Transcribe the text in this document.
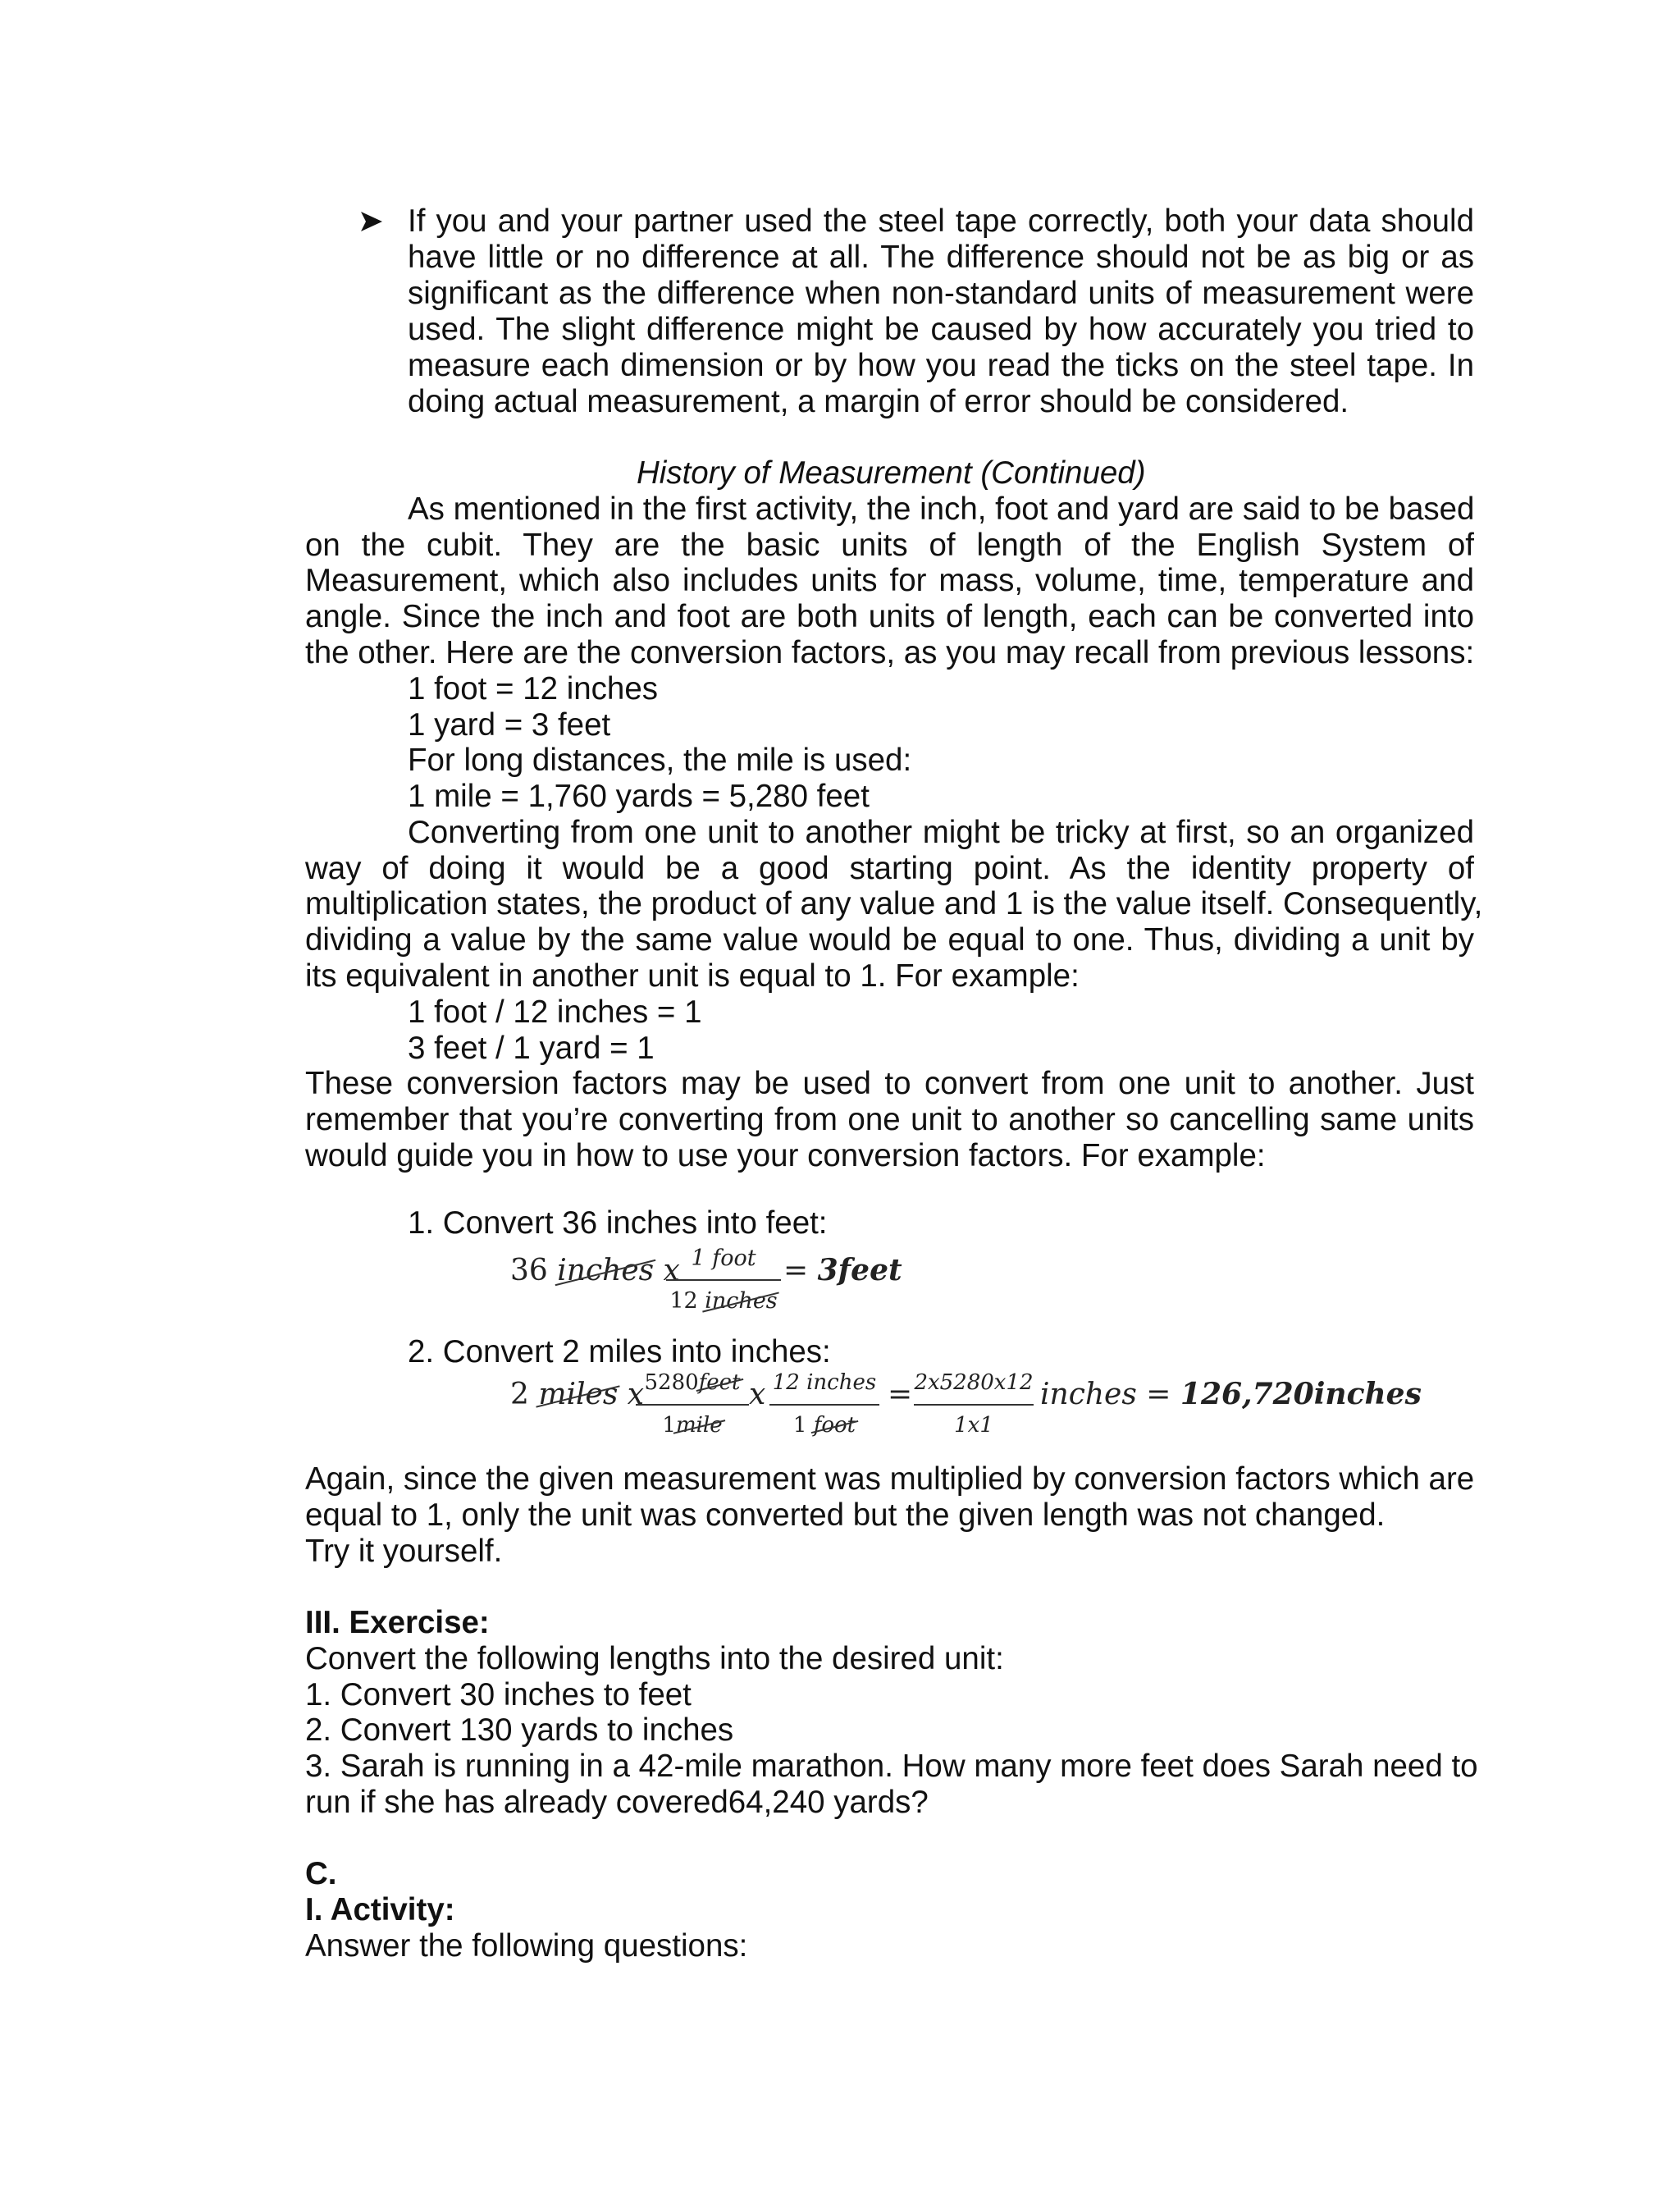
If you and your partner used the steel tape correctly, both your data should
have little or no difference at all. The difference should not be as big or as
significant as the difference when non-standard units of measurement were
used. The slight difference might be caused by how accurately you tried to
measure each dimension or by how you read the ticks on the steel tape. In
doing actual measurement, a margin of error should be considered.
History of Measurement (Continued)
As mentioned in the first activity, the inch, foot and yard are said to be based
on the cubit. They are the basic units of length of the English System of
Measurement, which also includes units for mass, volume, time, temperature and
angle. Since the inch and foot are both units of length, each can be converted into
the other. Here are the conversion factors, as you may recall from previous lessons:
1 foot = 12 inches
1 yard = 3 feet
For long distances, the mile is used:
1 mile = 1,760 yards = 5,280 feet
Converting from one unit to another might be tricky at first, so an organized
way of doing it would be a good starting point. As the identity property of
multiplication states, the product of any value and 1 is the value itself. Consequently,
dividing a value by the same value would be equal to one. Thus, dividing a unit by
its equivalent in another unit is equal to 1. For example:
1 foot / 12 inches = 1
3 feet / 1 yard = 1
These conversion factors may be used to convert from one unit to another. Just
remember that you’re converting from one unit to another so cancelling same units
would guide you in how to use your conversion factors. For example:
1. Convert 36 inches into feet:
36 inches x 1 foot
12 inches
= 3feet
2. Convert 2 miles into inches:
2 miles x 5280feet
1mile
x 12 inches
1 foot
= 2x5280x12
1x1
inches = 126,720inches
Again, since the given measurement was multiplied by conversion factors which are
equal to 1, only the unit was converted but the given length was not changed.
Try it yourself.
III. Exercise:
Convert the following lengths into the desired unit:
1. Convert 30 inches to feet
2. Convert 130 yards to inches
3. Sarah is running in a 42-mile marathon. How many more feet does Sarah need to
run if she has already covered64,240 yards?
C.
I. Activity:
Answer the following questions:
